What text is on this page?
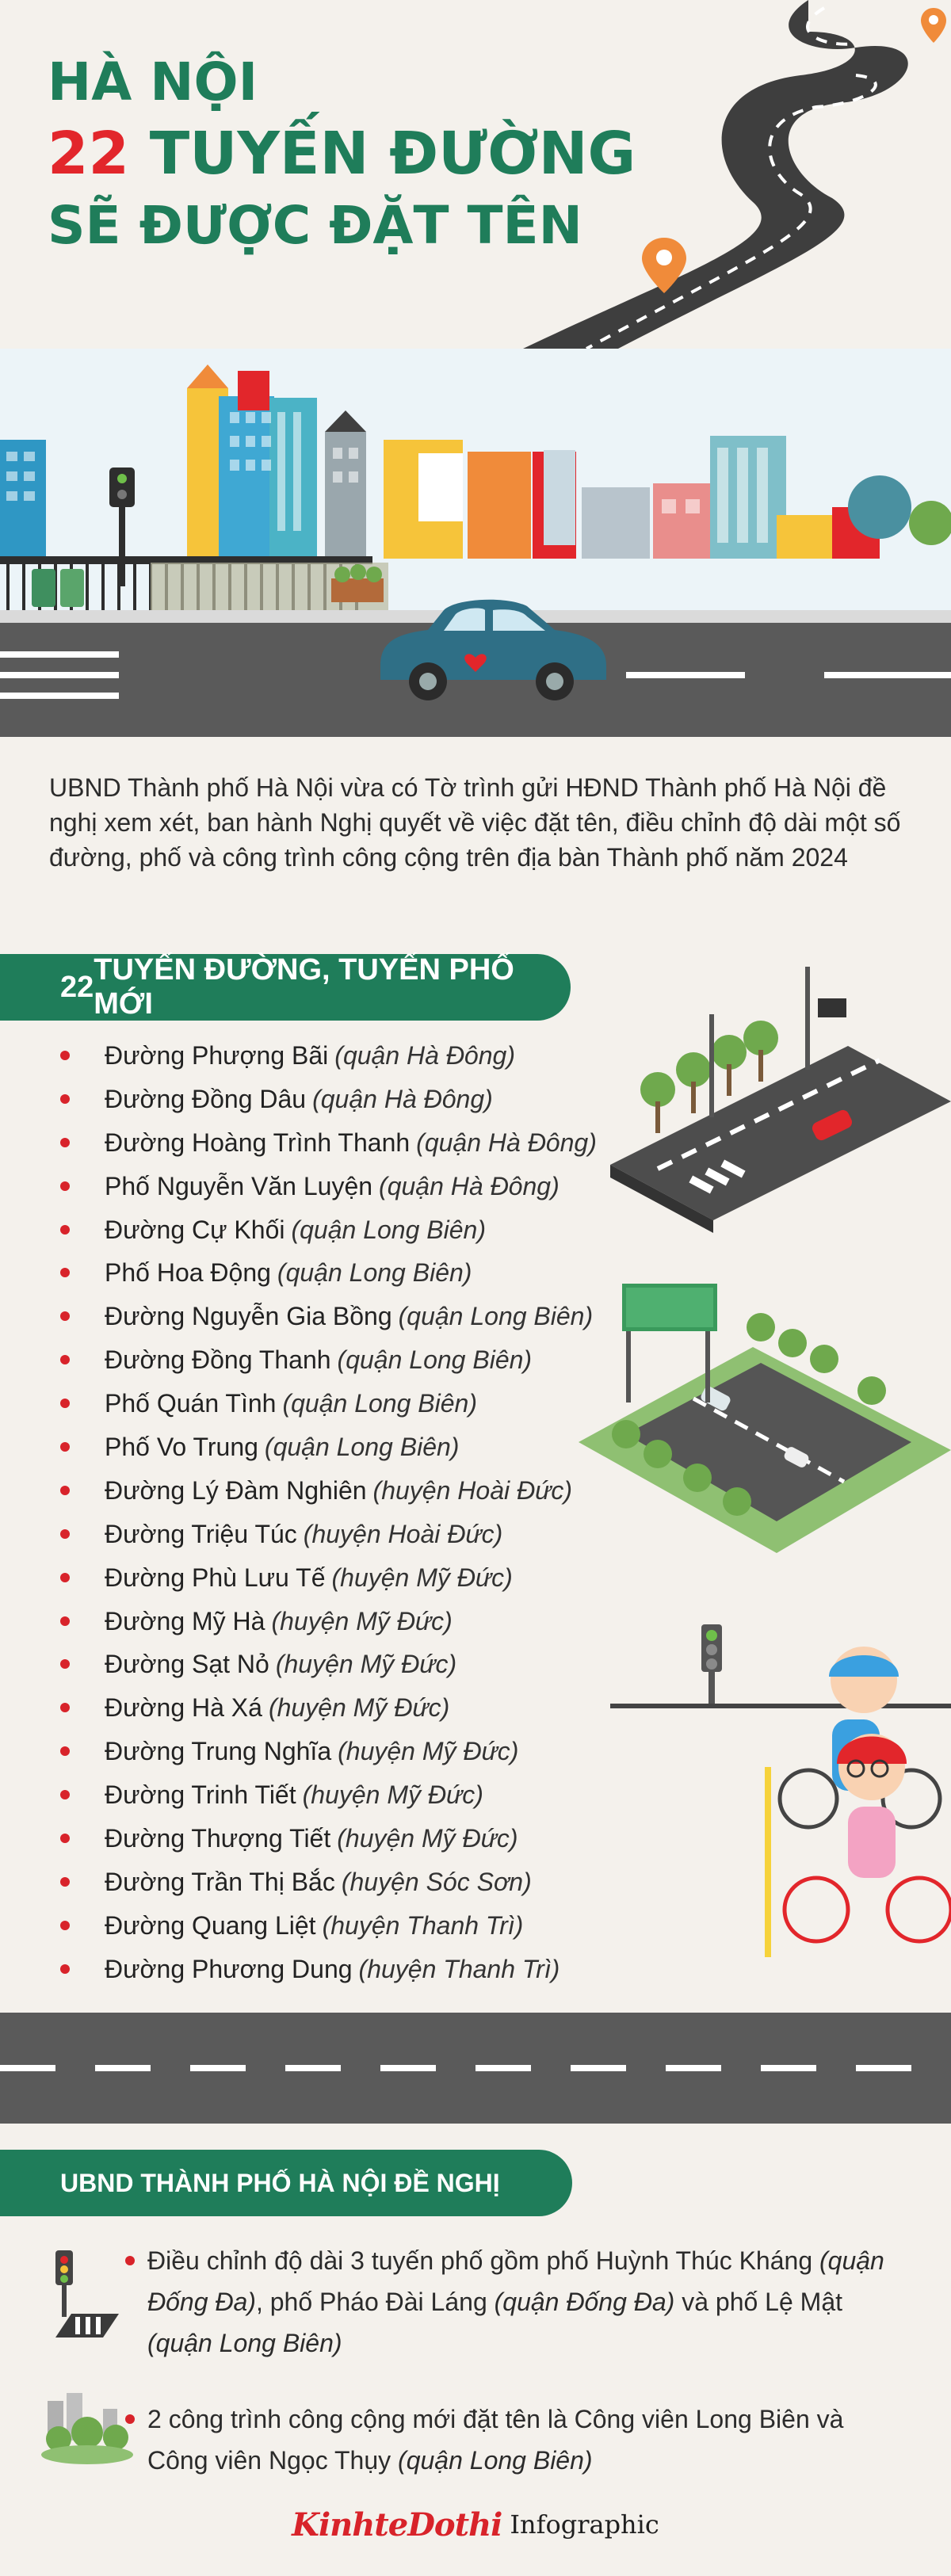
HÀ NỘI
22 TUYẾN ĐƯỜNG
SẼ ĐƯỢC ĐẶT TÊN
UBND Thành phố Hà Nội vừa có Tờ trình gửi HĐND Thành phố Hà Nội đề nghị xem xét, ban hành Nghị quyết về việc đặt tên, điều chỉnh độ dài một số đường, phố và công trình công cộng trên địa bàn Thành phố năm 2024
22
TUYẾN ĐƯỜNG, TUYẾN PHỐ MỚI
Đường Phượng Bãi (quận Hà Đông)
Đường Đồng Dâu (quận Hà Đông)
Đường Hoàng Trình Thanh (quận Hà Đông)
Phố Nguyễn Văn Luyện (quận Hà Đông)
Đường Cự Khối (quận Long Biên)
Phố Hoa Động (quận Long Biên)
Đường Nguyễn Gia Bồng (quận Long Biên)
Đường Đồng Thanh (quận Long Biên)
Phố Quán Tình (quận Long Biên)
Phố Vo Trung (quận Long Biên)
Đường Lý Đàm Nghiên (huyện Hoài Đức)
Đường Triệu Túc (huyện Hoài Đức)
Đường Phù Lưu Tế (huyện Mỹ Đức)
Đường Mỹ Hà (huyện Mỹ Đức)
Đường Sạt Nỏ (huyện Mỹ Đức)
Đường Hà Xá (huyện Mỹ Đức)
Đường Trung Nghĩa (huyện Mỹ Đức)
Đường Trinh Tiết (huyện Mỹ Đức)
Đường Thượng Tiết (huyện Mỹ Đức)
Đường Trần Thị Bắc (huyện Sóc Sơn)
Đường Quang Liệt (huyện Thanh Trì)
Đường Phương Dung (huyện Thanh Trì)
UBND THÀNH PHỐ HÀ NỘI ĐỀ NGHỊ
Điều chỉnh độ dài 3 tuyến phố gồm phố Huỳnh Thúc Kháng (quận Đống Đa), phố Pháo Đài Láng (quận Đống Đa) và phố Lệ Mật (quận Long Biên)
2 công trình công cộng mới đặt tên là Công viên Long Biên và Công viên Ngọc Thụy (quận Long Biên)
KinhteDothi Infographic
